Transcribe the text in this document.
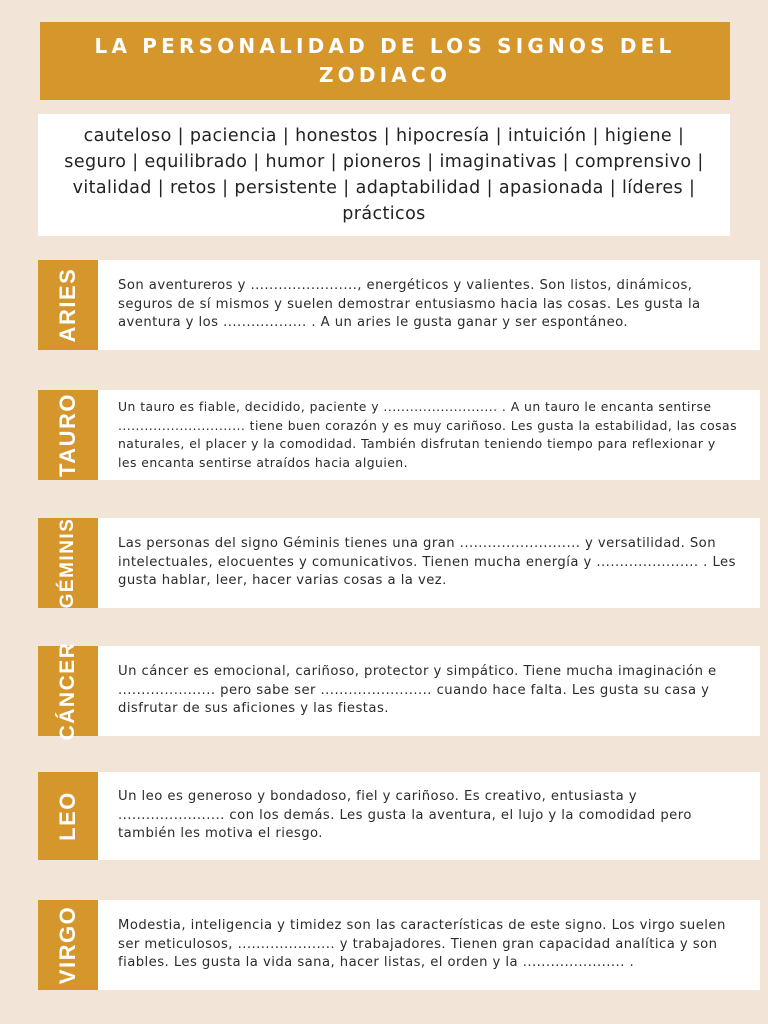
LA PERSONALIDAD DE LOS SIGNOS DEL ZODIACO

cauteloso | paciencia | honestos | hipocresía | intuición | higiene | seguro | equilibrado | humor | pioneros | imaginativas | comprensivo | vitalidad | retos | persistente | adaptabilidad | apasionada | líderes | prácticos

ARIES	Son aventureros y ......................., energéticos y valientes. Son listos, dinámicos, seguros de sí mismos y suelen demostrar entusiasmo hacia las cosas. Les gusta la aventura y los .................. . A un aries le gusta ganar y ser espontáneo.

TAURO	Un tauro es fiable, decidido, paciente y .......................... . A un tauro le encanta sentirse ............................. tiene buen corazón y es muy cariñoso. Les gusta la estabilidad, las cosas naturales, el placer y la comodidad. También disfrutan teniendo tiempo para reflexionar y les encanta sentirse atraídos hacia alguien.

GÉMINIS	Las personas del signo Géminis tienes una gran .......................... y versatilidad. Son intelectuales, elocuentes y comunicativos. Tienen mucha energía y ...................... . Les gusta hablar, leer, hacer varias cosas a la vez.

CÁNCER	Un cáncer es emocional, cariñoso, protector y simpático. Tiene mucha imaginación e ..................... pero sabe ser ........................ cuando hace falta. Les gusta su casa y disfrutar de sus aficiones y las fiestas.

LEO	Un leo es generoso y bondadoso, fiel y cariñoso. Es creativo, entusiasta y ....................... con los demás. Les gusta la aventura, el lujo y la comodidad pero también les motiva el riesgo.

VIRGO	Modestia, inteligencia y timidez son las características de este signo. Los virgo suelen ser meticulosos, ..................... y trabajadores. Tienen gran capacidad analítica y son fiables. Les gusta la vida sana, hacer listas, el orden y la ...................... .
